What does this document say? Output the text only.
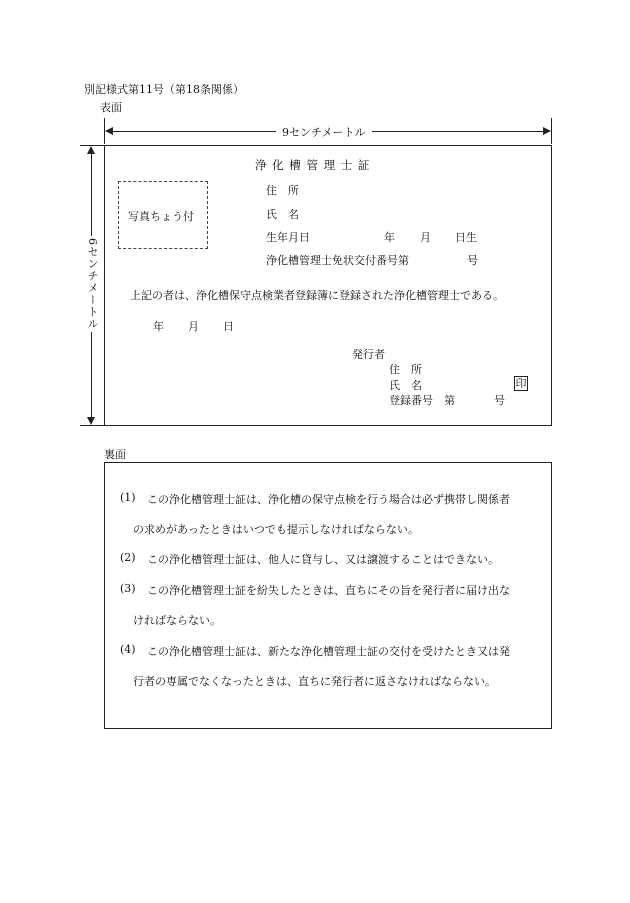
別記様式第11号（第18条関係）
表面
9センチメートル
6センチメートル
浄 化 槽 管 理 士 証
写真ちょう付
住　所
氏　名
生年月日	年 月 日生
浄化槽管理士免状交付番号第	号
上記の者は、浄化槽保守点検業者登録簿に登録された浄化槽管理士である。
年 月 日
発行者
住　所
氏　名	印
登録番号　第	号
裏面
(1) この浄化槽管理士証は、浄化槽の保守点検を行う場合は必ず携帯し関係者
の求めがあったときはいつでも提示しなければならない。
(2) この浄化槽管理士証は、他人に貸与し、又は譲渡することはできない。
(3) この浄化槽管理士証を紛失したときは、直ちにその旨を発行者に届け出な
ければならない。
(4) この浄化槽管理士証は、新たな浄化槽管理士証の交付を受けたとき又は発
行者の専属でなくなったときは、直ちに発行者に返さなければならない。
